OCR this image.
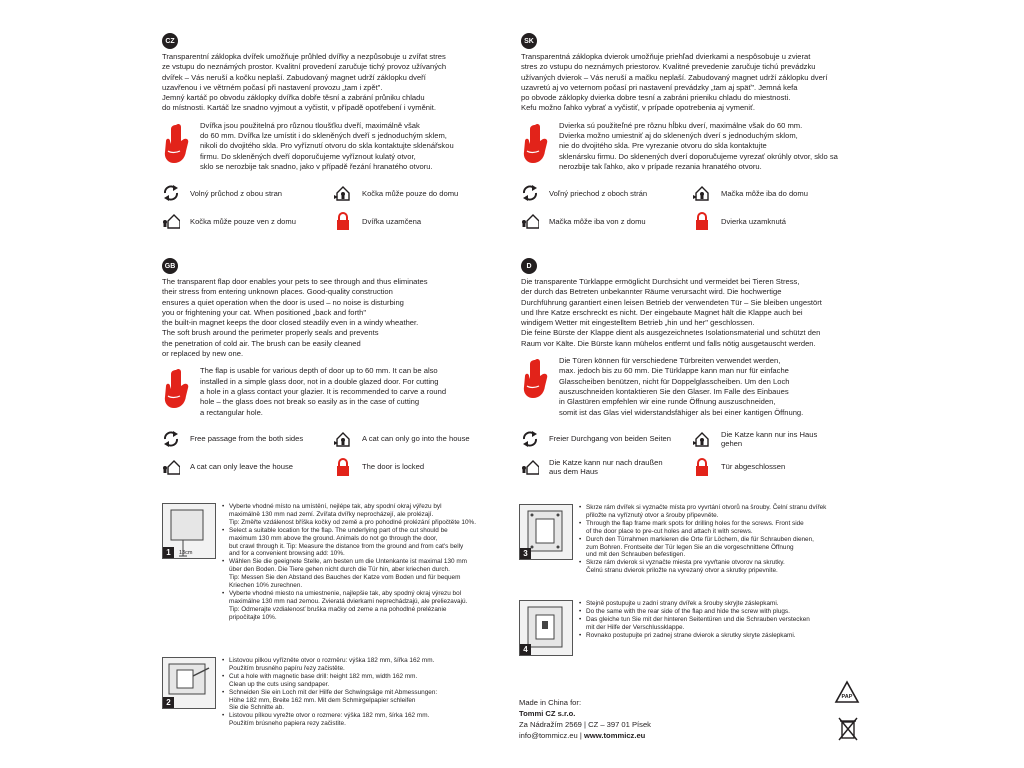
CZ

Transparentní záklopka dvířek umožňuje průhled dvířky a nezpůsobuje u zvířat stres
ze vstupu do neznámých prostor. Kvalitní provedení zaručuje tichý provoz užívaných
dvířek – Vás neruší a kočku neplaší. Zabudovaný magnet udrží záklopku dveří
uzavřenou i ve větrném počasí při nastavení provozu „tam i zpět".
Jemný kartáč po obvodu záklopky dvířka dobře těsní a zabrání průniku chladu
do místnosti. Kartáč lze snadno vyjmout a vyčistit, v případě opotřebení i vyměnit.

Dvířka jsou použitelná pro různou tloušťku dveří, maximálně však
do 60 mm. Dvířka lze umístit i do skleněných dveří s jednoduchým sklem,
nikoli do dvojitého skla. Pro vyříznutí otvoru do skla kontaktujte sklenářskou
firmu. Do skleněných dveří doporučujeme vyříznout kulatý otvor,
sklo se nerozbije tak snadno, jako v případě řezání hranatého otvoru.

Volný průchod z obou stran	Kočka může pouze do domu
Kočka může pouze ven z domu	Dvířka uzamčena
SK

Transparentná záklopka dvierok umožňuje priehľad dvierkami a nespôsobuje u zvierat
stres zo vstupu do neznámych priestorov. Kvalitné prevedenie zaručuje tichú prevádzku
užívaných dvierok – Vás neruší a mačku neplaší. Zabudovaný magnet udrží záklopku dverí
uzavretú aj vo veternom počasí pri nastavení prevádzky „tam aj späť". Jemná kefa
po obvode záklopky dvierka dobre tesní a zabráni prieniku chladu do miestnosti.
Kefu možno ľahko vybrať a vyčistiť, v prípade opotrebenia aj vymeniť.

Dvierka sú použiteľné pre rôznu hĺbku dverí, maximálne však do 60 mm.
Dvierka možno umiestniť aj do sklenených dverí s jednoduchým sklom,
nie do dvojitého skla. Pre vyrezanie otvoru do skla kontaktujte
sklenársku firmu. Do sklenených dverí doporučujeme vyrezať okrúhly otvor, sklo sa
nerozbije tak ľahko, ako v prípade rezania hranatého otvoru.

Voľný priechod z oboch strán	Mačka môže iba do domu
Mačka môže iba von z domu	Dvierka uzamknutá
GB

The transparent flap door enables your pets to see through and thus eliminates
their stress from entering unknown places. Good-quality construction
ensures a quiet operation when the door is used – no noise is disturbing
you or frightening your cat. When positioned „back and forth"
the built-in magnet keeps the door closed steadily even in a windy wheather.
The soft brush around the perimeter properly seals and prevents
the penetration of cold air. The brush can be easily cleaned
or replaced by new one.

The flap is usable for various depth of door up to 60 mm. It can be also
installed in a simple glass door, not in a double glazed door. For cutting
a hole in a glass contact your glazier. It is recommended to carve a round
hole – the glass does not break so easily as in the case of cutting
a rectangular hole.

Free passage from the both sides	A cat can only go into the house
A cat can only leave the house	The door is locked
D

Die transparente Türklappe ermöglicht Durchsicht und vermeidet bei Tieren Stress,
der durch das Betreten unbekannter Räume verursacht wird. Die hochwertige
Durchführung garantiert einen leisen Betrieb der verwendeten Tür – Sie bleiben ungestört
und Ihre Katze erschreckt es nicht. Der eingebaute Magnet hält die Klappe auch bei
windigem Wetter mit eingestelltem Betrieb „hin und her" geschlossen.
Die feine Bürste der Klappe dient als ausgezeichnetes Isolationsmaterial und schützt den
Raum vor Kälte. Die Bürste kann mühelos entfernt und falls nötig ausgetauscht werden.

Die Türen können für verschiedene Türbreiten verwendet werden,
max. jedoch bis zu 60 mm. Die Türklappe kann man nur für einfache
Glasscheiben benützen, nicht für Doppelglasscheiben. Um den Loch
auszuschneiden kontaktieren Sie den Glaser. Im Falle des Einbaues
in Glastüren empfehlen wir eine runde Öffnung auszuschneiden,
somit ist das Glas viel widerstandsfähiger als bei einer kantigen Öffnung.

Freier Durchgang von beiden Seiten	Die Katze kann nur ins Haus
gehen
Die Katze kann nur nach draußen
aus dem Haus	Tür abgeschlossen
13cm
1
• Vyberte vhodné místo na umístění, nejlépe tak, aby spodní okraj výřezu byl
maximálně 130 mm nad zemí. Zvířata dvířky neprocházejí, ale prolézají.
Tip: Změřte vzdálenost bříška kočky od země a pro pohodlné prolézání připočtěte 10%.
• Select a suitable location for the flap. The underlying part of the cut should be
maximum 130 mm above the ground. Animals do not go through the door,
but crawl through it. Tip: Measure the distance from the ground and from cat's belly
and for a convenient browsing add: 10%.
• Wählen Sie die geeignete Stelle, am besten um die Untenkante ist maximal 130 mm
über den Boden. Die Tiere gehen nicht durch die Tür hin, aber kriechen durch.
Tip: Messen Sie den Abstand des Bauches der Katze vom Boden und für bequem
Kriechen 10% zurechnen.
• Vyberte vhodné miesto na umiestnenie, najlepšie tak, aby spodný okraj výrezu bol
maximálne 130 mm nad zemou. Zvieratá dvierkami neprechádzajú, ale preliezavajú.
Tip: Odmerajte vzdialenosť bruška mačky od zeme a na pohodlné prelézanie
pripočítajte 10%.
2
• Listovou pilkou vyřízněte otvor o rozměru: výška 182 mm, šířka 162 mm.
Použitím brusného papíru řezy začistěte.
• Cut a hole with magnetic base drill: height 182 mm, width 162 mm.
Clean up the cuts using sandpaper.
• Schneiden Sie ein Loch mit der Hilfe der Schwingsäge mit Abmessungen:
Höhe 182 mm, Breite 162 mm. Mit dem Schmirgelpapier schleifen
Sie die Schnitte ab.
• Listovou pílkou vyrežte otvor o rozmere: výška 182 mm, šírka 162 mm.
Použitím brúsneho papiera rezy začistite.
3
• Skrze rám dvířek si vyznačte místa pro vyvrtání otvorů na šrouby. Čelní stranu dvířek
přiložte na vyříznutý otvor a šrouby připevněte.
• Through the flap frame mark spots for drilling holes for the screws. Front side
of the door place to pre-cut holes and attach it with screws.
• Durch den Türrahmen markieren die Orte für Löchern, die für Schrauben dienen,
zum Bohren. Frontseite der Tür legen Sie an die vorgeschnittene Öffnung
und mit den Schrauben befestigen.
• Skrze rám dvierok si vyznačte miesta pre vyvŕtanie otvorov na skrutky.
Čelnú stranu dvierok priložte na vyrezaný otvor a skrutky pripevnite.
4
• Stejně postupujte u zadní strany dvířek a šrouby skryjte záslepkami.
• Do the same with the rear side of the flap and hide the screw with plugs.
• Das gleiche tun Sie mit der hinteren Seitentüren und die Schrauben verstecken
mit der Hilfe der Verschlussklappe.
• Rovnako postupujte pri zadnej strane dvierok a skrutky skryte záslepkami.
Made in China for:
Tommi CZ s.r.o.
Za Nádražím 2569 | CZ – 397 01 Písek
info@tommicz.eu | www.tommicz.eu
PAP
